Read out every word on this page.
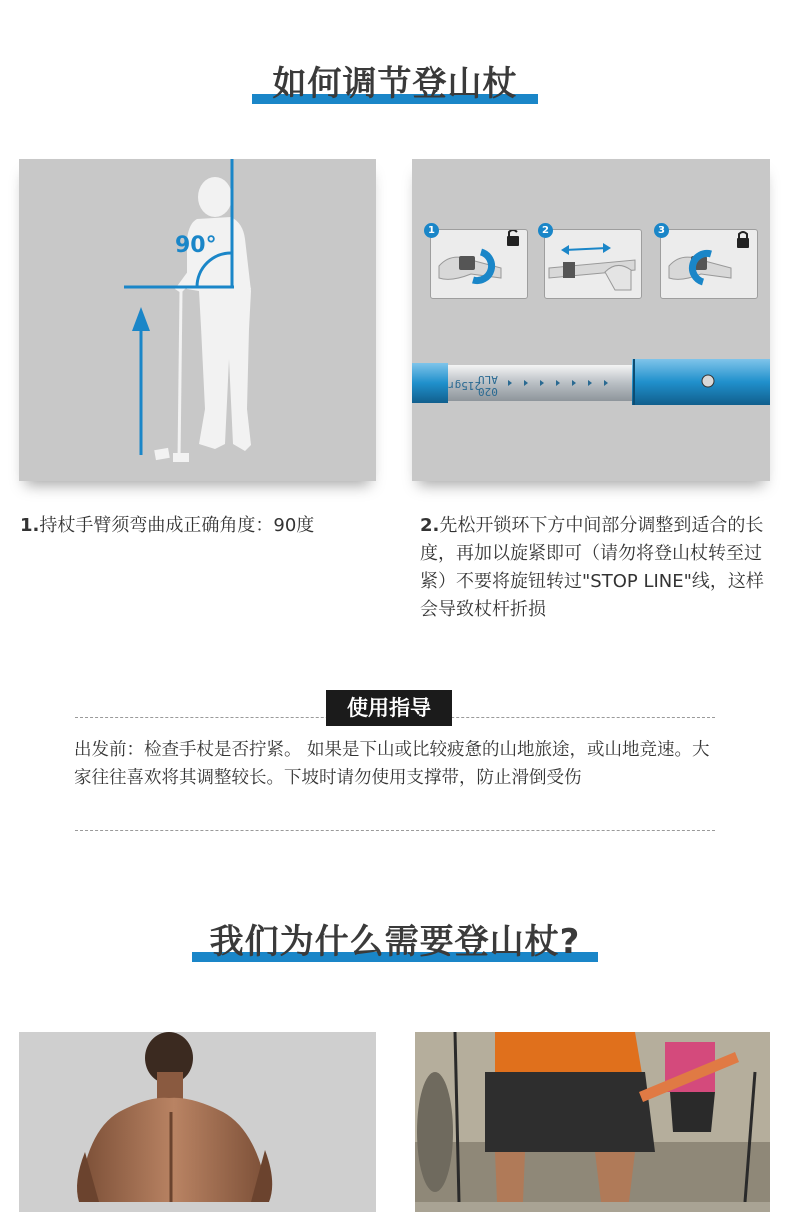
如何调节登山杖
90°
1	2	3
ALU
020
215gr
1.持杖手臂须弯曲成正确角度：90度	2.先松开锁环下方中间部分调整到适合的长度，再加以旋紧即可（请勿将登山杖转至过紧）不要将旋钮转过"STOP LINE"线，这样会导致杖杆折损
使用指导
出发前：检查手杖是否拧紧。 如果是下山或比较疲惫的山地旅途，或山地竞速。大家往往喜欢将其调整较长。下坡时请勿使用支撑带，防止滑倒受伤
我们为什么需要登山杖?
